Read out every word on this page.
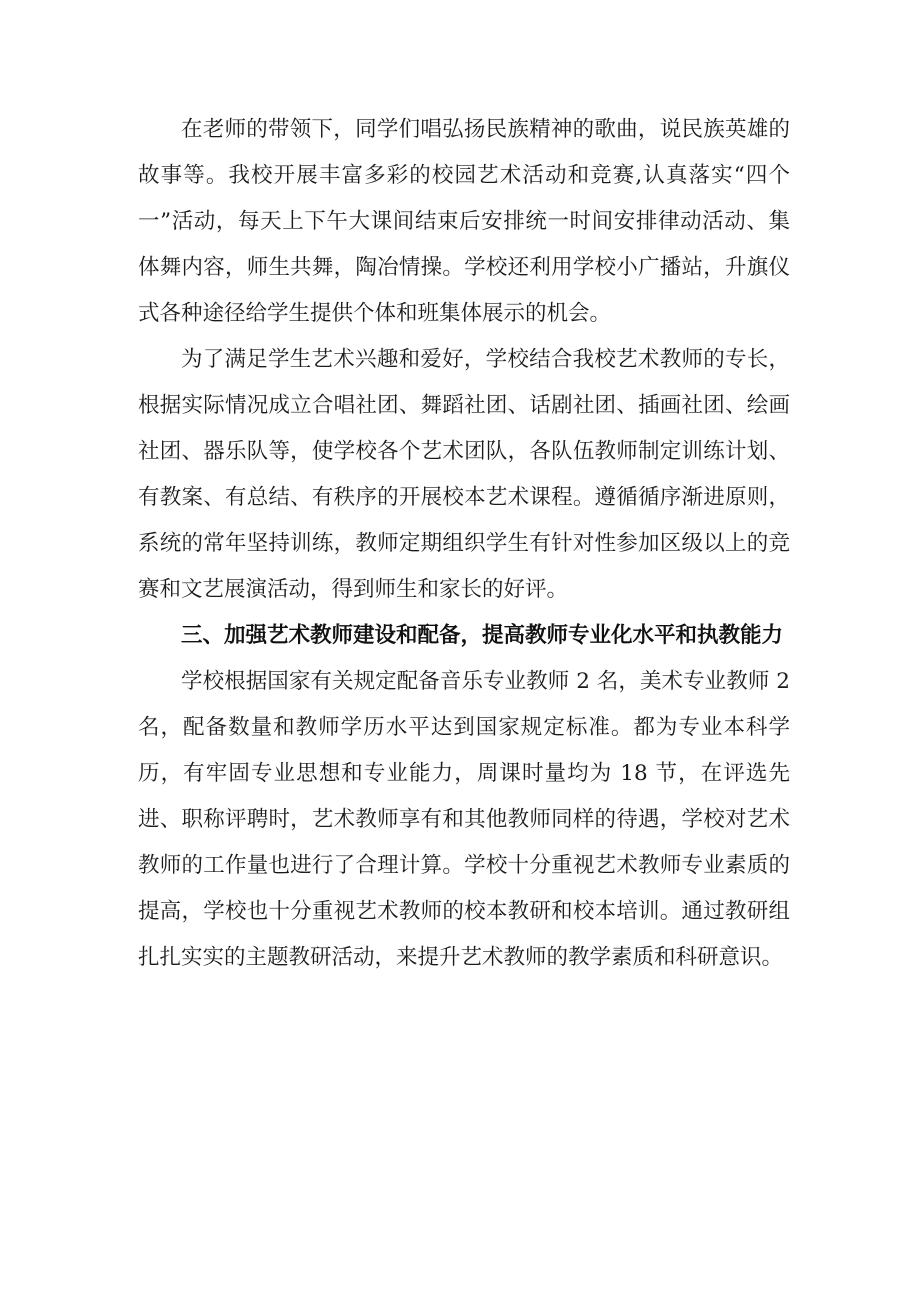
在老师的带领下，同学们唱弘扬民族精神的歌曲，说民族英雄的故事等。我校开展丰富多彩的校园艺术活动和竞赛,认真落实“四个一”活动，每天上下午大课间结束后安排统一时间安排律动活动、集体舞内容，师生共舞，陶冶情操。学校还利用学校小广播站，升旗仪式各种途径给学生提供个体和班集体展示的机会。

为了满足学生艺术兴趣和爱好，学校结合我校艺术教师的专长，根据实际情况成立合唱社团、舞蹈社团、话剧社团、插画社团、绘画社团、器乐队等，使学校各个艺术团队，各队伍教师制定训练计划、有教案、有总结、有秩序的开展校本艺术课程。遵循循序渐进原则，系统的常年坚持训练，教师定期组织学生有针对性参加区级以上的竞赛和文艺展演活动，得到师生和家长的好评。

三、加强艺术教师建设和配备，提高教师专业化水平和执教能力

学校根据国家有关规定配备音乐专业教师 2 名，美术专业教师 2 名，配备数量和教师学历水平达到国家规定标准。都为专业本科学历，有牢固专业思想和专业能力，周课时量均为 18 节，在评选先进、职称评聘时，艺术教师享有和其他教师同样的待遇，学校对艺术教师的工作量也进行了合理计算。学校十分重视艺术教师专业素质的提高，学校也十分重视艺术教师的校本教研和校本培训。通过教研组扎扎实实的主题教研活动，来提升艺术教师的教学素质和科研意识。
